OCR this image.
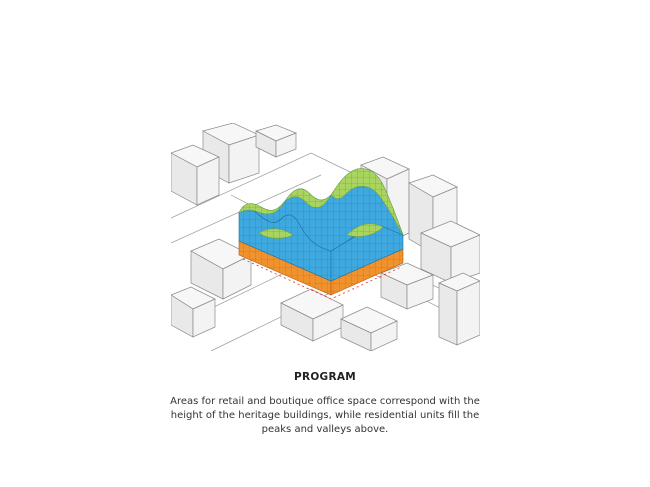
PROGRAM
Areas for retail and boutique office space correspond with the height of the heritage buildings, while residential units fill the peaks and valleys above.
